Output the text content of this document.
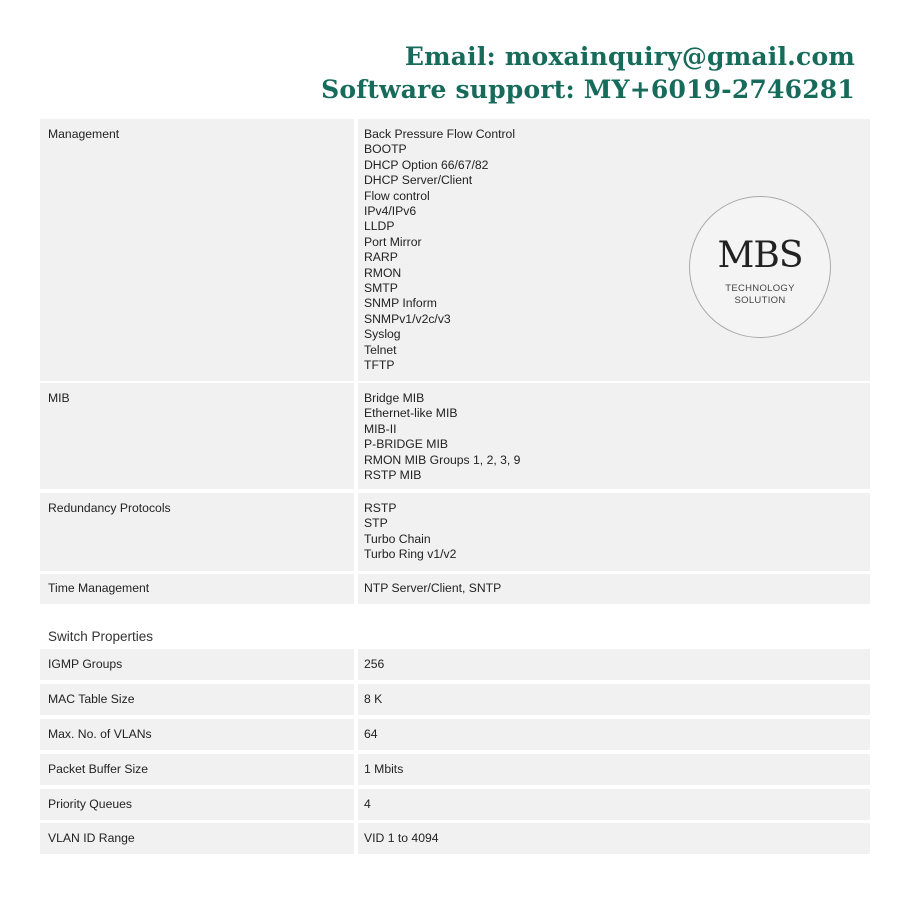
Email: moxainquiry@gmail.com
Software support: MY+6019-2746281
Management	Back Pressure Flow Control
BOOTP
DHCP Option 66/67/82
DHCP Server/Client
Flow control
IPv4/IPv6
LLDP
Port Mirror
RARP
RMON
SMTP
SNMP Inform
SNMPv1/v2c/v3
Syslog
Telnet
TFTP
MIB	Bridge MIB
Ethernet-like MIB
MIB-II
P-BRIDGE MIB
RMON MIB Groups 1, 2, 3, 9
RSTP MIB
Redundancy Protocols	RSTP
STP
Turbo Chain
Turbo Ring v1/v2
Time Management	NTP Server/Client, SNTP
Switch Properties
IGMP Groups	256
MAC Table Size	8 K
Max. No. of VLANs	64
Packet Buffer Size	1 Mbits
Priority Queues	4
VLAN ID Range	VID 1 to 4094
MBS
TECHNOLOGY
SOLUTION
